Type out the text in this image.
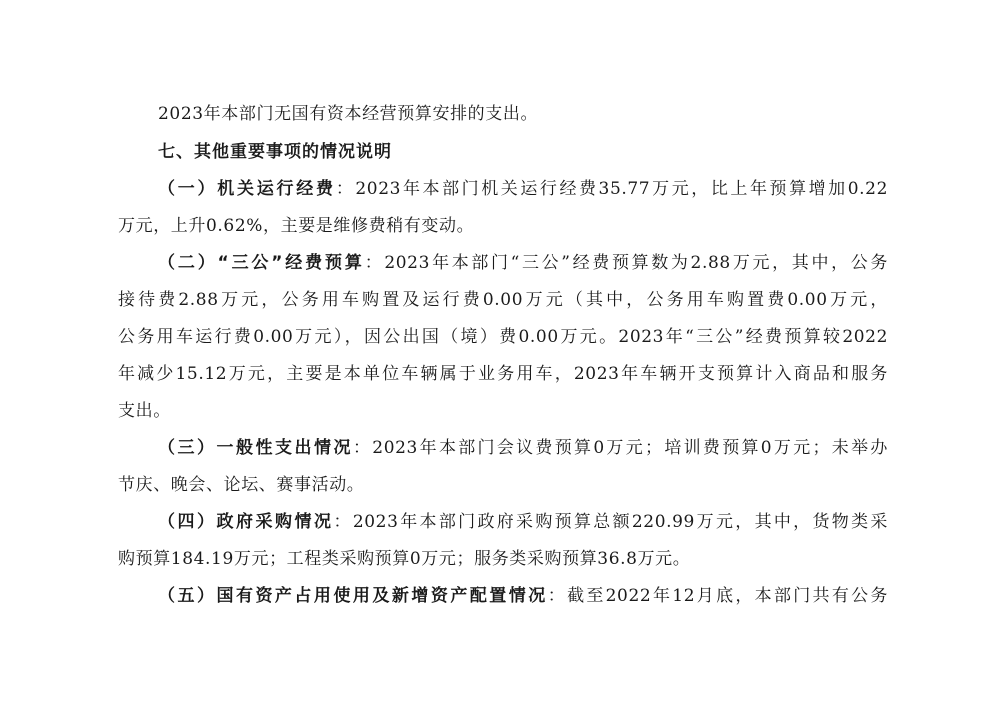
2023年本部门无国有资本经营预算安排的支出。
七、其他重要事项的情况说明
（一）机关运行经费：2023年本部门机关运行经费35.77万元，比上年预算增加0.22
万元，上升0.62%，主要是维修费稍有变动。
（二）“三公”经费预算：2023年本部门“三公”经费预算数为2.88万元，其中，公务
接待费2.88万元，公务用车购置及运行费0.00万元（其中，公务用车购置费0.00万元，
公务用车运行费0.00万元），因公出国（境）费0.00万元。2023年“三公”经费预算较2022
年减少15.12万元，主要是本单位车辆属于业务用车，2023年车辆开支预算计入商品和服务
支出。
（三）一般性支出情况：2023年本部门会议费预算0万元；培训费预算0万元；未举办
节庆、晚会、论坛、赛事活动。
（四）政府采购情况：2023年本部门政府采购预算总额220.99万元，其中，货物类采
购预算184.19万元；工程类采购预算0万元；服务类采购预算36.8万元。
（五）国有资产占用使用及新增资产配置情况：截至2022年12月底，本部门共有公务
